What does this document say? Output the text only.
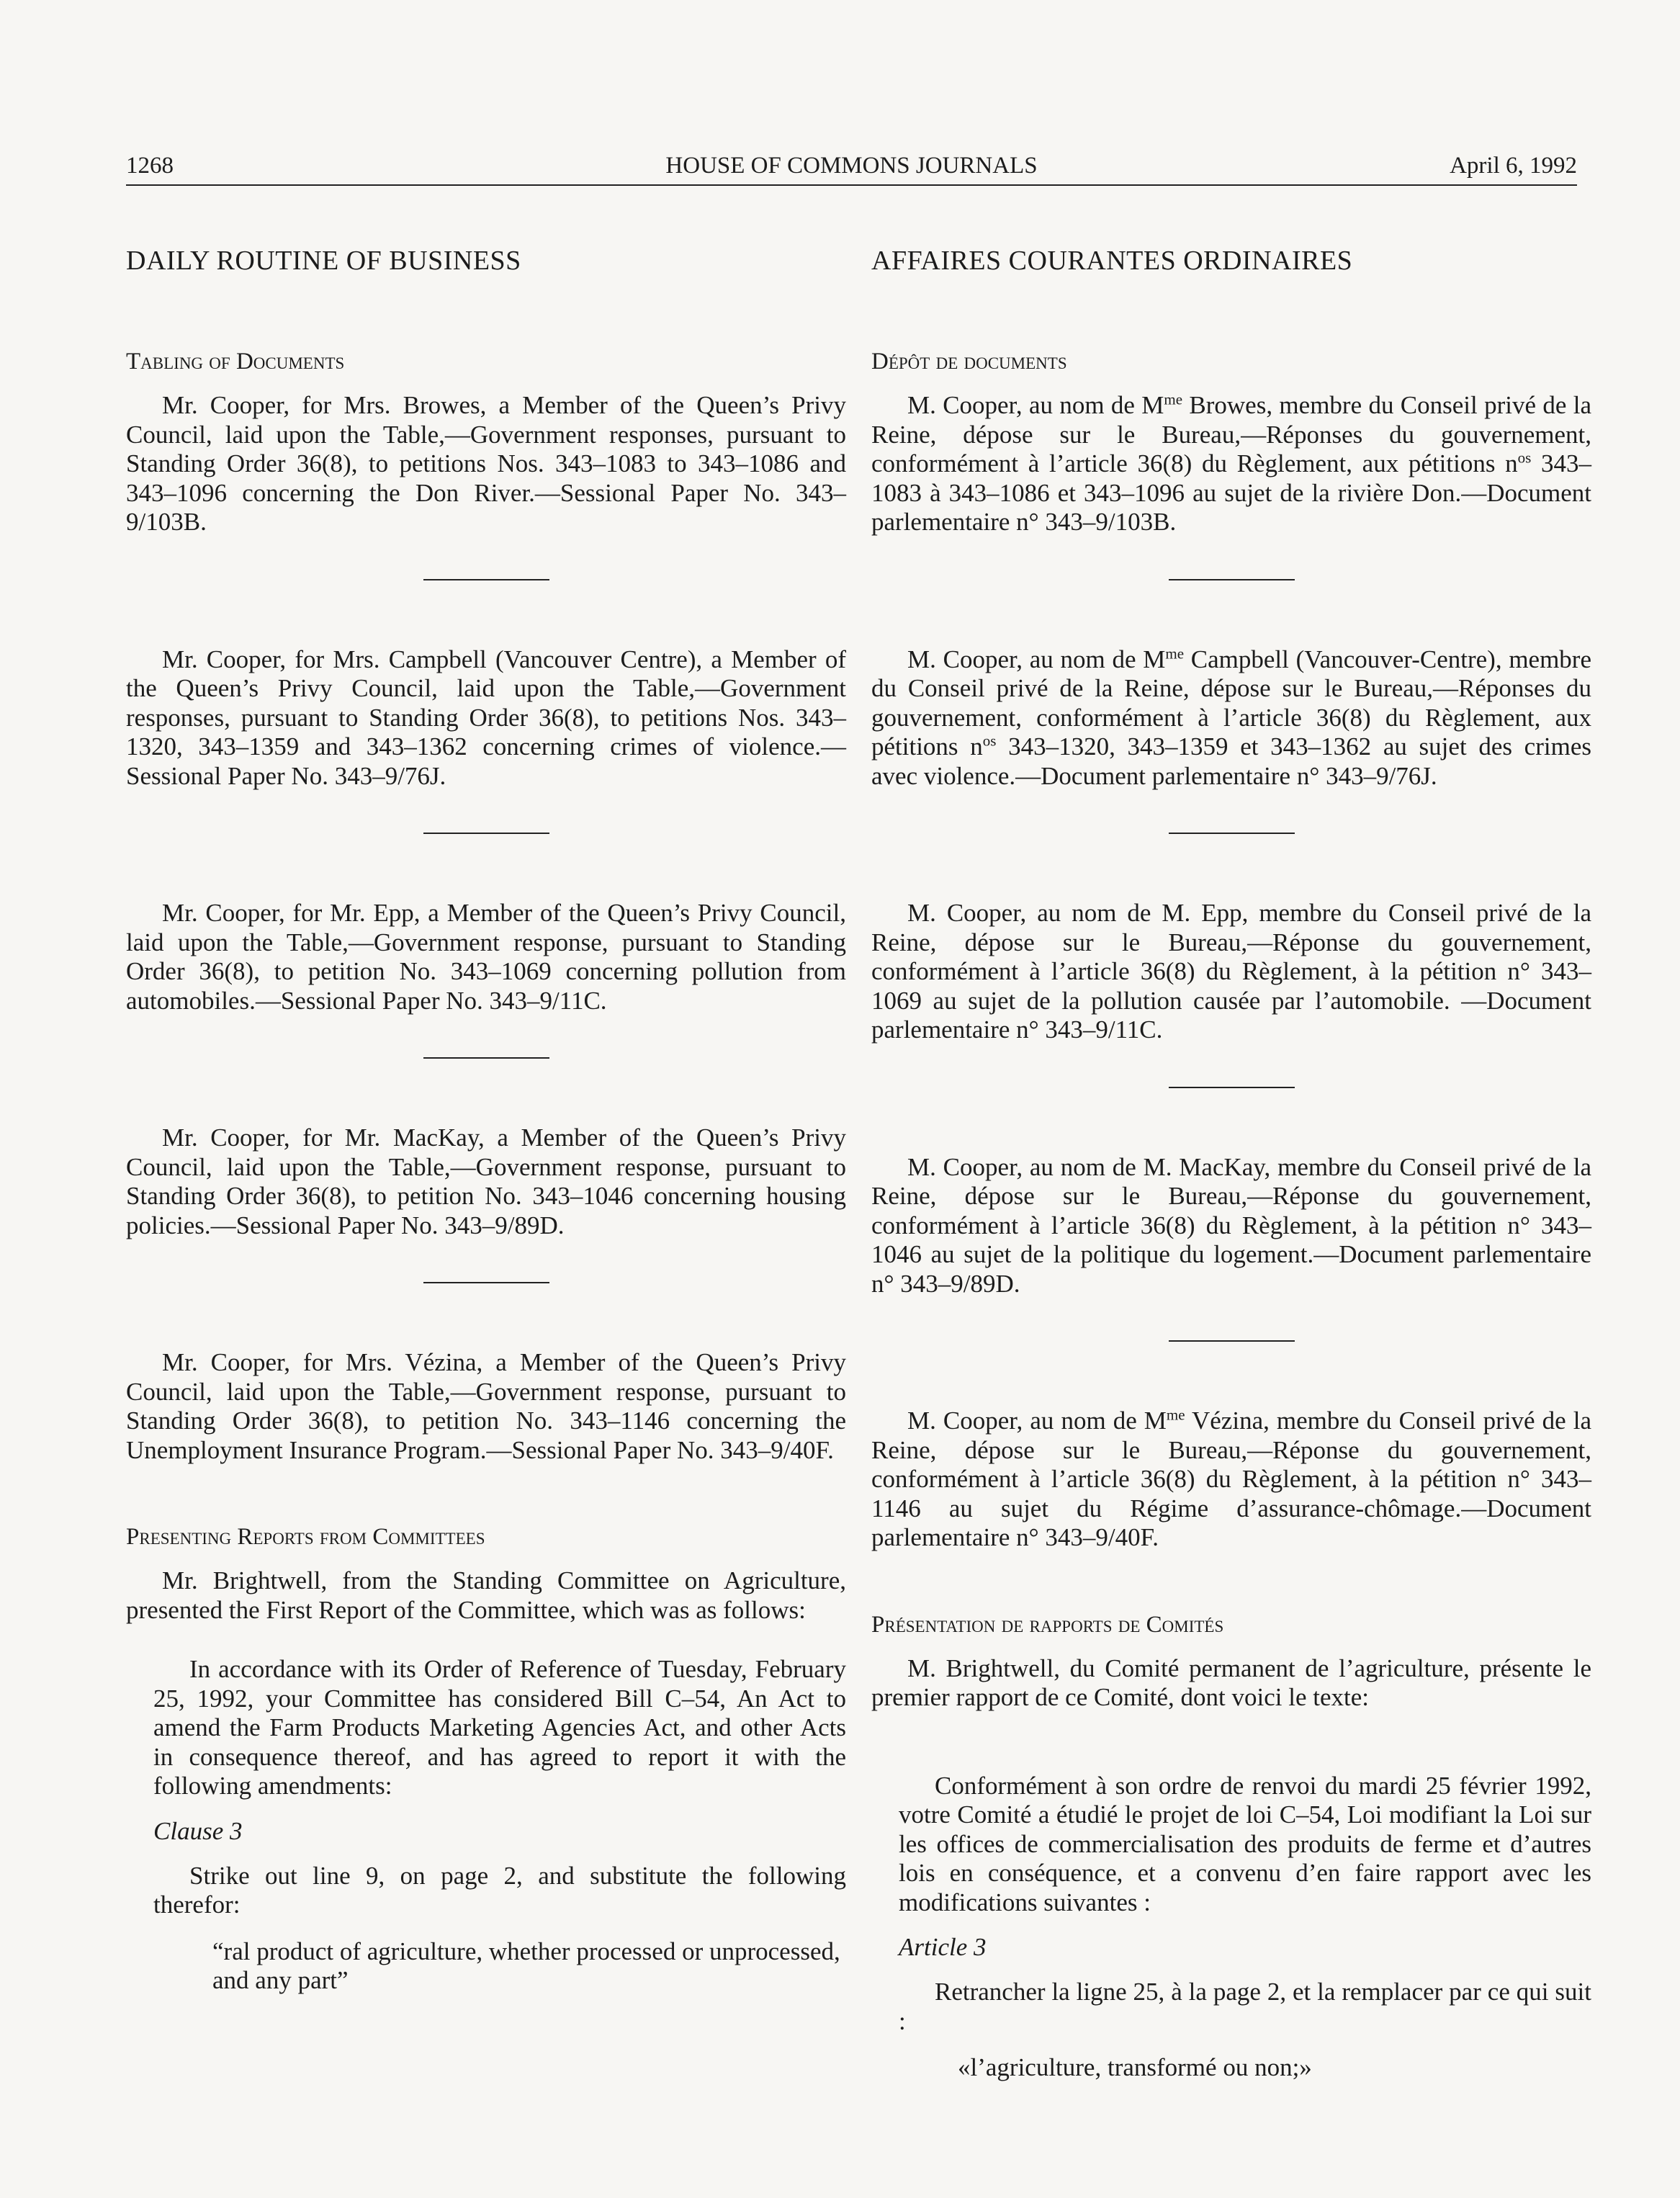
1268	HOUSE OF COMMONS JOURNALS	April 6, 1992
DAILY ROUTINE OF BUSINESS
Tabling of Documents

Mr. Cooper, for Mrs. Browes, a Member of the Queen’s Privy Council, laid upon the Table,—Government responses, pursuant to Standing Order 36(8), to petitions Nos. 343–1083 to 343–1086 and 343–1096 concerning the Don River.—Sessional Paper No. 343–9/103B.

Mr. Cooper, for Mrs. Campbell (Vancouver Centre), a Member of the Queen’s Privy Council, laid upon the Table,—Government responses, pursuant to Standing Order 36(8), to petitions Nos. 343–1320, 343–1359 and 343–1362 concerning crimes of violence.—Sessional Paper No. 343–9/76J.

Mr. Cooper, for Mr. Epp, a Member of the Queen’s Privy Council, laid upon the Table,—Government response, pursuant to Standing Order 36(8), to petition No. 343–1069 concerning pollution from automobiles.—Sessional Paper No. 343–9/11C.

Mr. Cooper, for Mr. MacKay, a Member of the Queen’s Privy Council, laid upon the Table,—Government response, pursuant to Standing Order 36(8), to petition No. 343–1046 concerning housing policies.—Sessional Paper No. 343–9/89D.

Mr. Cooper, for Mrs. Vézina, a Member of the Queen’s Privy Council, laid upon the Table,—Government response, pursuant to Standing Order 36(8), to petition No. 343–1146 concerning the Unemployment Insurance Program.—Sessional Paper No. 343–9/40F.

Presenting Reports from Committees

Mr. Brightwell, from the Standing Committee on Agriculture, presented the First Report of the Committee, which was as follows:

In accordance with its Order of Reference of Tuesday, February 25, 1992, your Committee has considered Bill C–54, An Act to amend the Farm Products Marketing Agencies Act, and other Acts in consequence thereof, and has agreed to report it with the following amendments:

Clause 3

Strike out line 9, on page 2, and substitute the following therefor:

“ral product of agriculture, whether processed or unprocessed, and any part”

AFFAIRES COURANTES ORDINAIRES
Dépôt de documents

M. Cooper, au nom de $M^{me}$ Browes, membre du Conseil privé de la Reine, dépose sur le Bureau,—Réponses du gouvernement, conformément à l’article 36(8) du Règlement, aux pétitions $n^{os}$ 343–1083 à 343–1086 et 343–1096 au sujet de la rivière Don.—Document parlementaire n° 343–9/103B.

M. Cooper, au nom de $M^{me}$ Campbell (Vancouver-Centre), membre du Conseil privé de la Reine, dépose sur le Bureau,—Réponses du gouvernement, conformément à l’article 36(8) du Règlement, aux pétitions $n^{os}$ 343–1320, 343–1359 et 343–1362 au sujet des crimes avec violence.—Document parlementaire n° 343–9/76J.

M. Cooper, au nom de M. Epp, membre du Conseil privé de la Reine, dépose sur le Bureau,—Réponse du gouvernement, conformément à l’article 36(8) du Règlement, à la pétition n° 343–1069 au sujet de la pollution causée par l’automobile. —Document parlementaire n° 343–9/11C.

M. Cooper, au nom de M. MacKay, membre du Conseil privé de la Reine, dépose sur le Bureau,—Réponse du gouvernement, conformément à l’article 36(8) du Règlement, à la pétition n° 343–1046 au sujet de la politique du logement.—Document parlementaire n° 343–9/89D.

M. Cooper, au nom de $M^{me}$ Vézina, membre du Conseil privé de la Reine, dépose sur le Bureau,—Réponse du gouvernement, conformément à l’article 36(8) du Règlement, à la pétition n° 343–1146 au sujet du Régime d’assurance-chômage.—Document parlementaire n° 343–9/40F.

Présentation de rapports de Comités

M. Brightwell, du Comité permanent de l’agriculture, présente le premier rapport de ce Comité, dont voici le texte:

Conformément à son ordre de renvoi du mardi 25 février 1992, votre Comité a étudié le projet de loi C–54, Loi modifiant la Loi sur les offices de commercialisation des produits de ferme et d’autres lois en conséquence, et a convenu d’en faire rapport avec les modifications suivantes :

Article 3

Retrancher la ligne 25, à la page 2, et la remplacer par ce qui suit :

«l’agriculture, transformé ou non;»
